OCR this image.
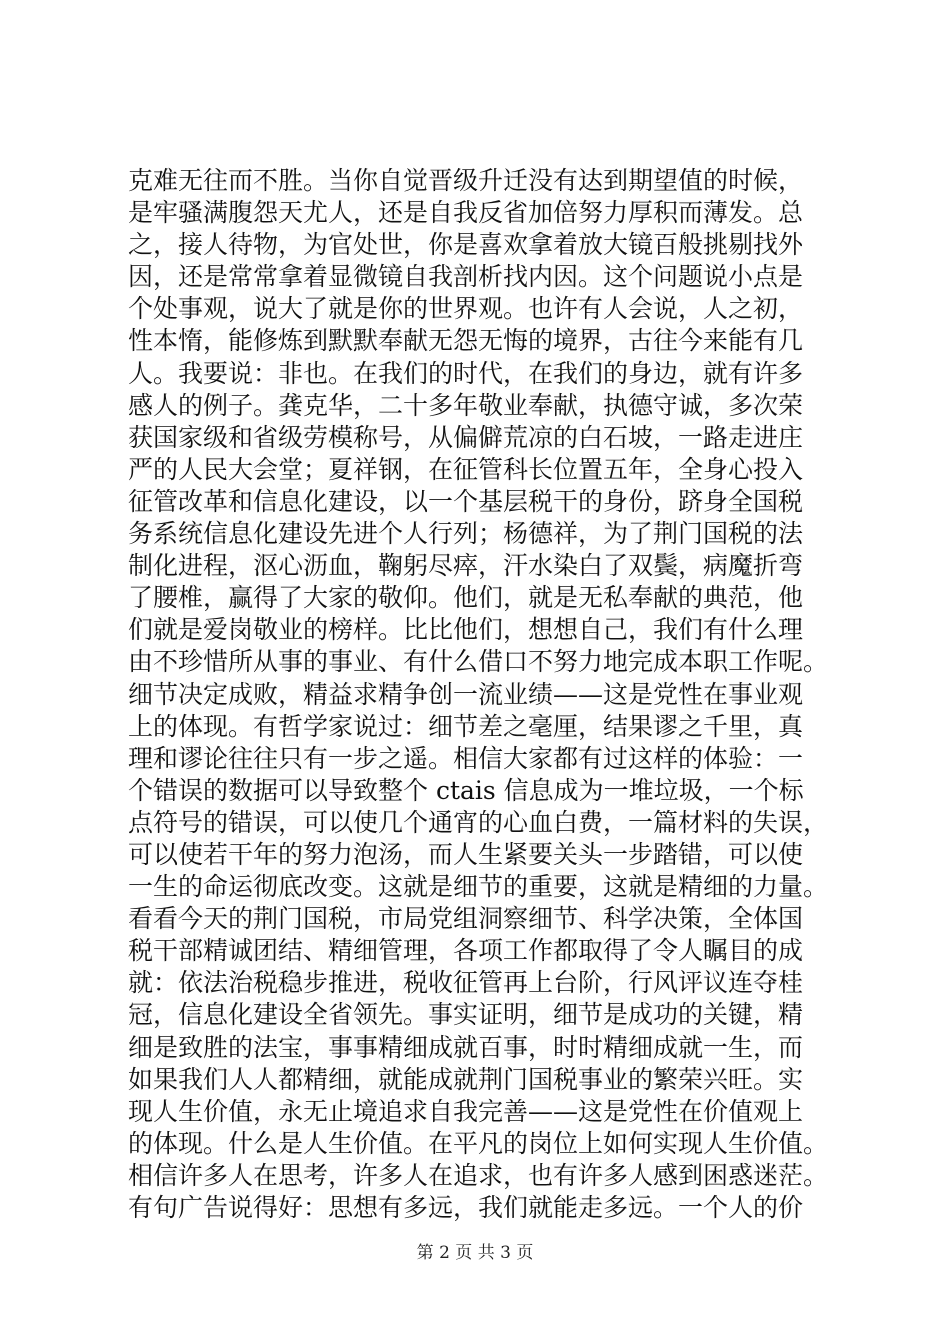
克难无往而不胜。当你自觉晋级升迁没有达到期望值的时候，
是牢骚满腹怨天尤人，还是自我反省加倍努力厚积而薄发。总
之，接人待物，为官处世，你是喜欢拿着放大镜百般挑剔找外
因，还是常常拿着显微镜自我剖析找内因。这个问题说小点是
个处事观，说大了就是你的世界观。也许有人会说，人之初，
性本惰，能修炼到默默奉献无怨无悔的境界，古往今来能有几
人。我要说：非也。在我们的时代，在我们的身边，就有许多
感人的例子。龚克华，二十多年敬业奉献，执德守诚，多次荣
获国家级和省级劳模称号，从偏僻荒凉的白石坡，一路走进庄
严的人民大会堂；夏祥钢，在征管科长位置五年，全身心投入
征管改革和信息化建设，以一个基层税干的身份，跻身全国税
务系统信息化建设先进个人行列；杨德祥，为了荆门国税的法
制化进程，沤心沥血，鞠躬尽瘁，汗水染白了双鬓，病魔折弯
了腰椎，赢得了大家的敬仰。他们，就是无私奉献的典范，他
们就是爱岗敬业的榜样。比比他们，想想自己，我们有什么理
由不珍惜所从事的事业、有什么借口不努力地完成本职工作呢。
细节决定成败，精益求精争创一流业绩——这是党性在事业观
上的体现。有哲学家说过：细节差之毫厘，结果谬之千里，真
理和谬论往往只有一步之遥。相信大家都有过这样的体验：一
个错误的数据可以导致整个 ctais 信息成为一堆垃圾，一个标
点符号的错误，可以使几个通宵的心血白费，一篇材料的失误，
可以使若干年的努力泡汤，而人生紧要关头一步踏错，可以使
一生的命运彻底改变。这就是细节的重要，这就是精细的力量。
看看今天的荆门国税，市局党组洞察细节、科学决策，全体国
税干部精诚团结、精细管理，各项工作都取得了令人瞩目的成
就：依法治税稳步推进，税收征管再上台阶，行风评议连夺桂
冠，信息化建设全省领先。事实证明，细节是成功的关键，精
细是致胜的法宝，事事精细成就百事，时时精细成就一生，而
如果我们人人都精细，就能成就荆门国税事业的繁荣兴旺。实
现人生价值，永无止境追求自我完善——这是党性在价值观上
的体现。什么是人生价值。在平凡的岗位上如何实现人生价值。
相信许多人在思考，许多人在追求，也有许多人感到困惑迷茫。
有句广告说得好：思想有多远，我们就能走多远。一个人的价
第 2 页 共 3 页
